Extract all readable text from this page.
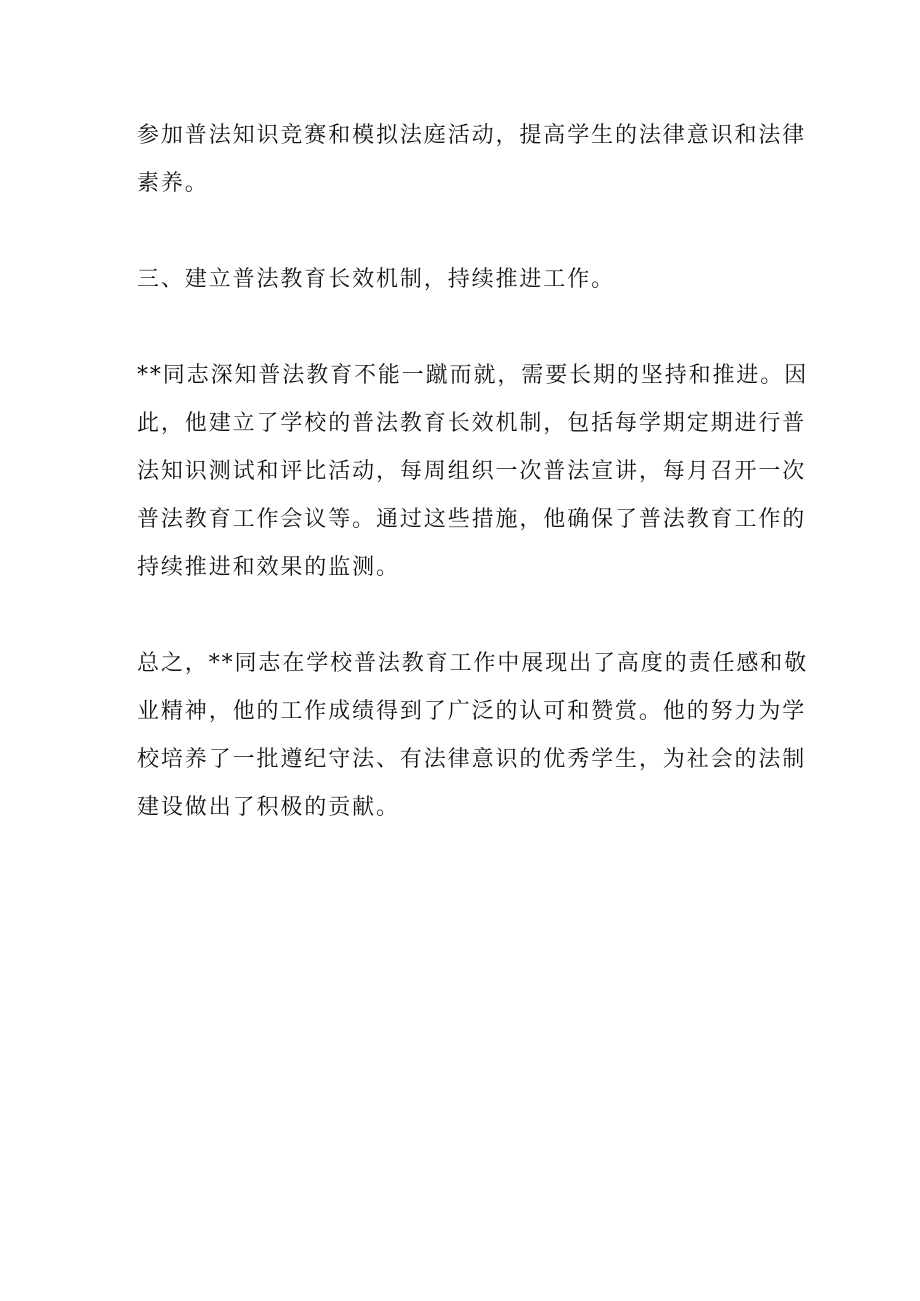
参加普法知识竞赛和模拟法庭活动，提高学生的法律意识和法律
素养。
三、建立普法教育长效机制，持续推进工作。
**同志深知普法教育不能一蹴而就，需要长期的坚持和推进。因
此，他建立了学校的普法教育长效机制，包括每学期定期进行普
法知识测试和评比活动，每周组织一次普法宣讲，每月召开一次
普法教育工作会议等。通过这些措施，他确保了普法教育工作的
持续推进和效果的监测。
总之，**同志在学校普法教育工作中展现出了高度的责任感和敬
业精神，他的工作成绩得到了广泛的认可和赞赏。他的努力为学
校培养了一批遵纪守法、有法律意识的优秀学生，为社会的法制
建设做出了积极的贡献。
